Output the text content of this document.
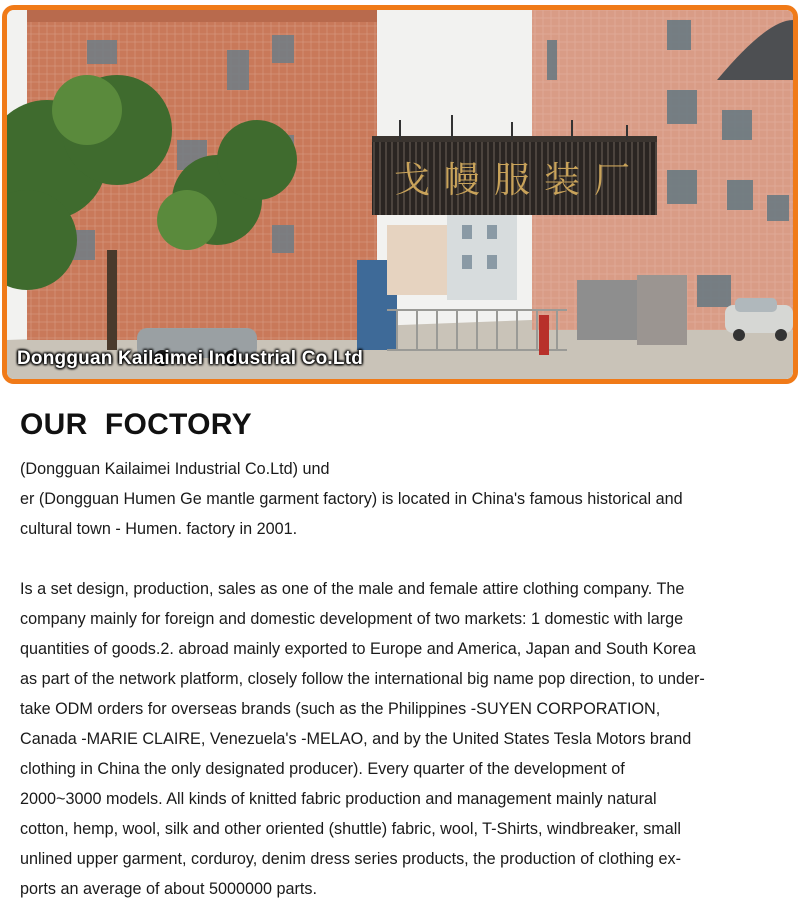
戈 幔 服 装 厂
Dongguan Kailaimei Industrial Co.Ltd
OUR  FOCTORY
(Dongguan Kailaimei Industrial Co.Ltd) und
er (Dongguan Humen Ge mantle garment factory) is located in China's famous historical and
cultural town - Humen. factory in 2001.
Is a set design, production, sales as one of the male and female attire clothing company. The
company mainly for foreign and domestic development of two markets: 1 domestic with large
quantities of goods.2. abroad mainly exported to Europe and America, Japan and South Korea
as part of the network platform, closely follow the international big name pop direction, to under-
take ODM orders for overseas brands (such as the Philippines -SUYEN CORPORATION,
Canada -MARIE CLAIRE, Venezuela's -MELAO, and by the United States Tesla Motors brand
clothing in China the only designated producer). Every quarter of the development of
2000~3000 models. All kinds of knitted fabric production and management mainly natural
cotton, hemp, wool, silk and other oriented (shuttle) fabric, wool, T-Shirts, windbreaker, small
unlined upper garment, corduroy, denim dress series products, the production of clothing ex-
ports an average of about 5000000 parts.
